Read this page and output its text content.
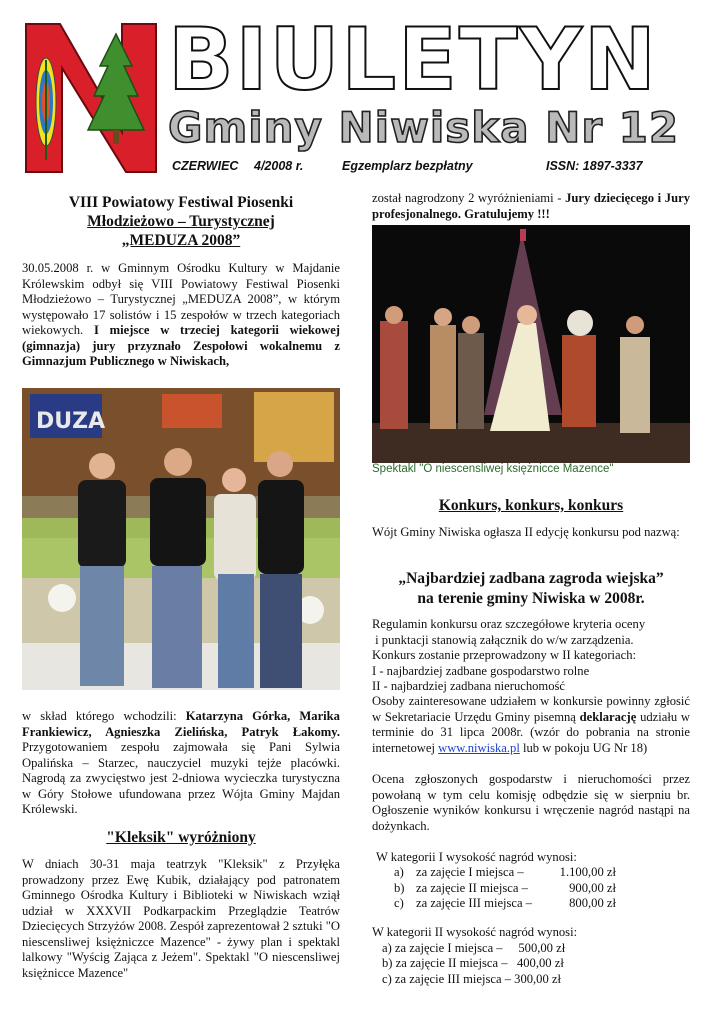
BIULETYN
Gminy Niwiska Nr 12
CZERWIEC 4/2008 r.	Egzemplarz bezpłatny	ISSN: 1897-3337
VIII Powiatowy Festiwal Piosenki
Młodzieżowo – Turystycznej
„MEDUZA 2008”
30.05.2008 r. w Gminnym Ośrodku Kultury w Majdanie Królewskim odbył się VIII Powiatowy Festiwal Piosenki Młodzieżowo – Turystycznej „MEDUZA 2008”, w którym występowało 17 solistów i 15 zespołów w trzech kategoriach wiekowych. I miejsce w trzeciej kategorii wiekowej (gimnazja) jury przyznało Zespołowi wokalnemu z Gimnazjum Publicznego w Niwiskach,
DUZA
w skład którego wchodzili: Katarzyna Górka, Marika Frankiewicz, Agnieszka Zielińska, Patryk Łakomy. Przygotowaniem zespołu zajmowała się Pani Sylwia Opalińska – Starzec, nauczyciel muzyki tejże placówki. Nagrodą za zwycięstwo jest 2-dniowa wycieczka turystyczna w Góry Stołowe ufundowana przez Wójta Gminy Majdan Królewski.
"Kleksik" wyróżniony
W dniach 30-31 maja teatrzyk "Kleksik" z Przyłęka prowadzony przez Ewę Kubik, działający pod patronatem Gminnego Ośrodka Kultury i Biblioteki w Niwiskach wziął udział w XXXVII Podkarpackim Przeglądzie Teatrów Dziecięcych Strzyżów 2008. Zespół zaprezentował 2 sztuki "O niescensliwej księżniczce Mazence" - żywy plan i spektakl lalkowy "Wyścig Zająca z Jeżem". Spektakl "O niescensliwej księżnicce Mazence"
został nagrodzony 2 wyróżnieniami - Jury dziecięcego i Jury profesjonalnego. Gratulujemy !!!
Spektakl "O niescensliwej księżnicce Mazence"
Konkurs, konkurs, konkurs
Wójt Gminy Niwiska ogłasza II edycję konkursu pod nazwą:
„Najbardziej zadbana zagroda wiejska”
na terenie gminy Niwiska w 2008r.
Regulamin konkursu oraz szczegółowe kryteria oceny
i punktacji stanowią załącznik do w/w zarządzenia.
Konkurs zostanie przeprowadzony w II kategoriach:
I - najbardziej zadbane gospodarstwo rolne
II - najbardziej zadbana nieruchomość
Osoby zainteresowane udziałem w konkursie powinny zgłosić w Sekretariacie Urzędu Gminy pisemną deklarację udziału w terminie do 31 lipca 2008r. (wzór do pobrania na stronie internetowej www.niwiska.pl lub w pokoju UG Nr 18)
Ocena zgłoszonych gospodarstw i nieruchomości przez powołaną w tym celu komisję odbędzie się w sierpniu br. Ogłoszenie wyników konkursu i wręczenie nagród nastąpi na dożynkach.
W kategorii I wysokość nagród wynosi:
a)	za zajęcie I miejsca –	1.100,00 zł
b)	za zajęcie II miejsca –	900,00 zł
c)	za zajęcie III miejsca –	800,00 zł
W kategorii II wysokość nagród wynosi:
a) za zajęcie I miejsca –     500,00 zł
b) za zajęcie II miejsca –   400,00 zł
c) za zajęcie III miejsca – 300,00 zł
